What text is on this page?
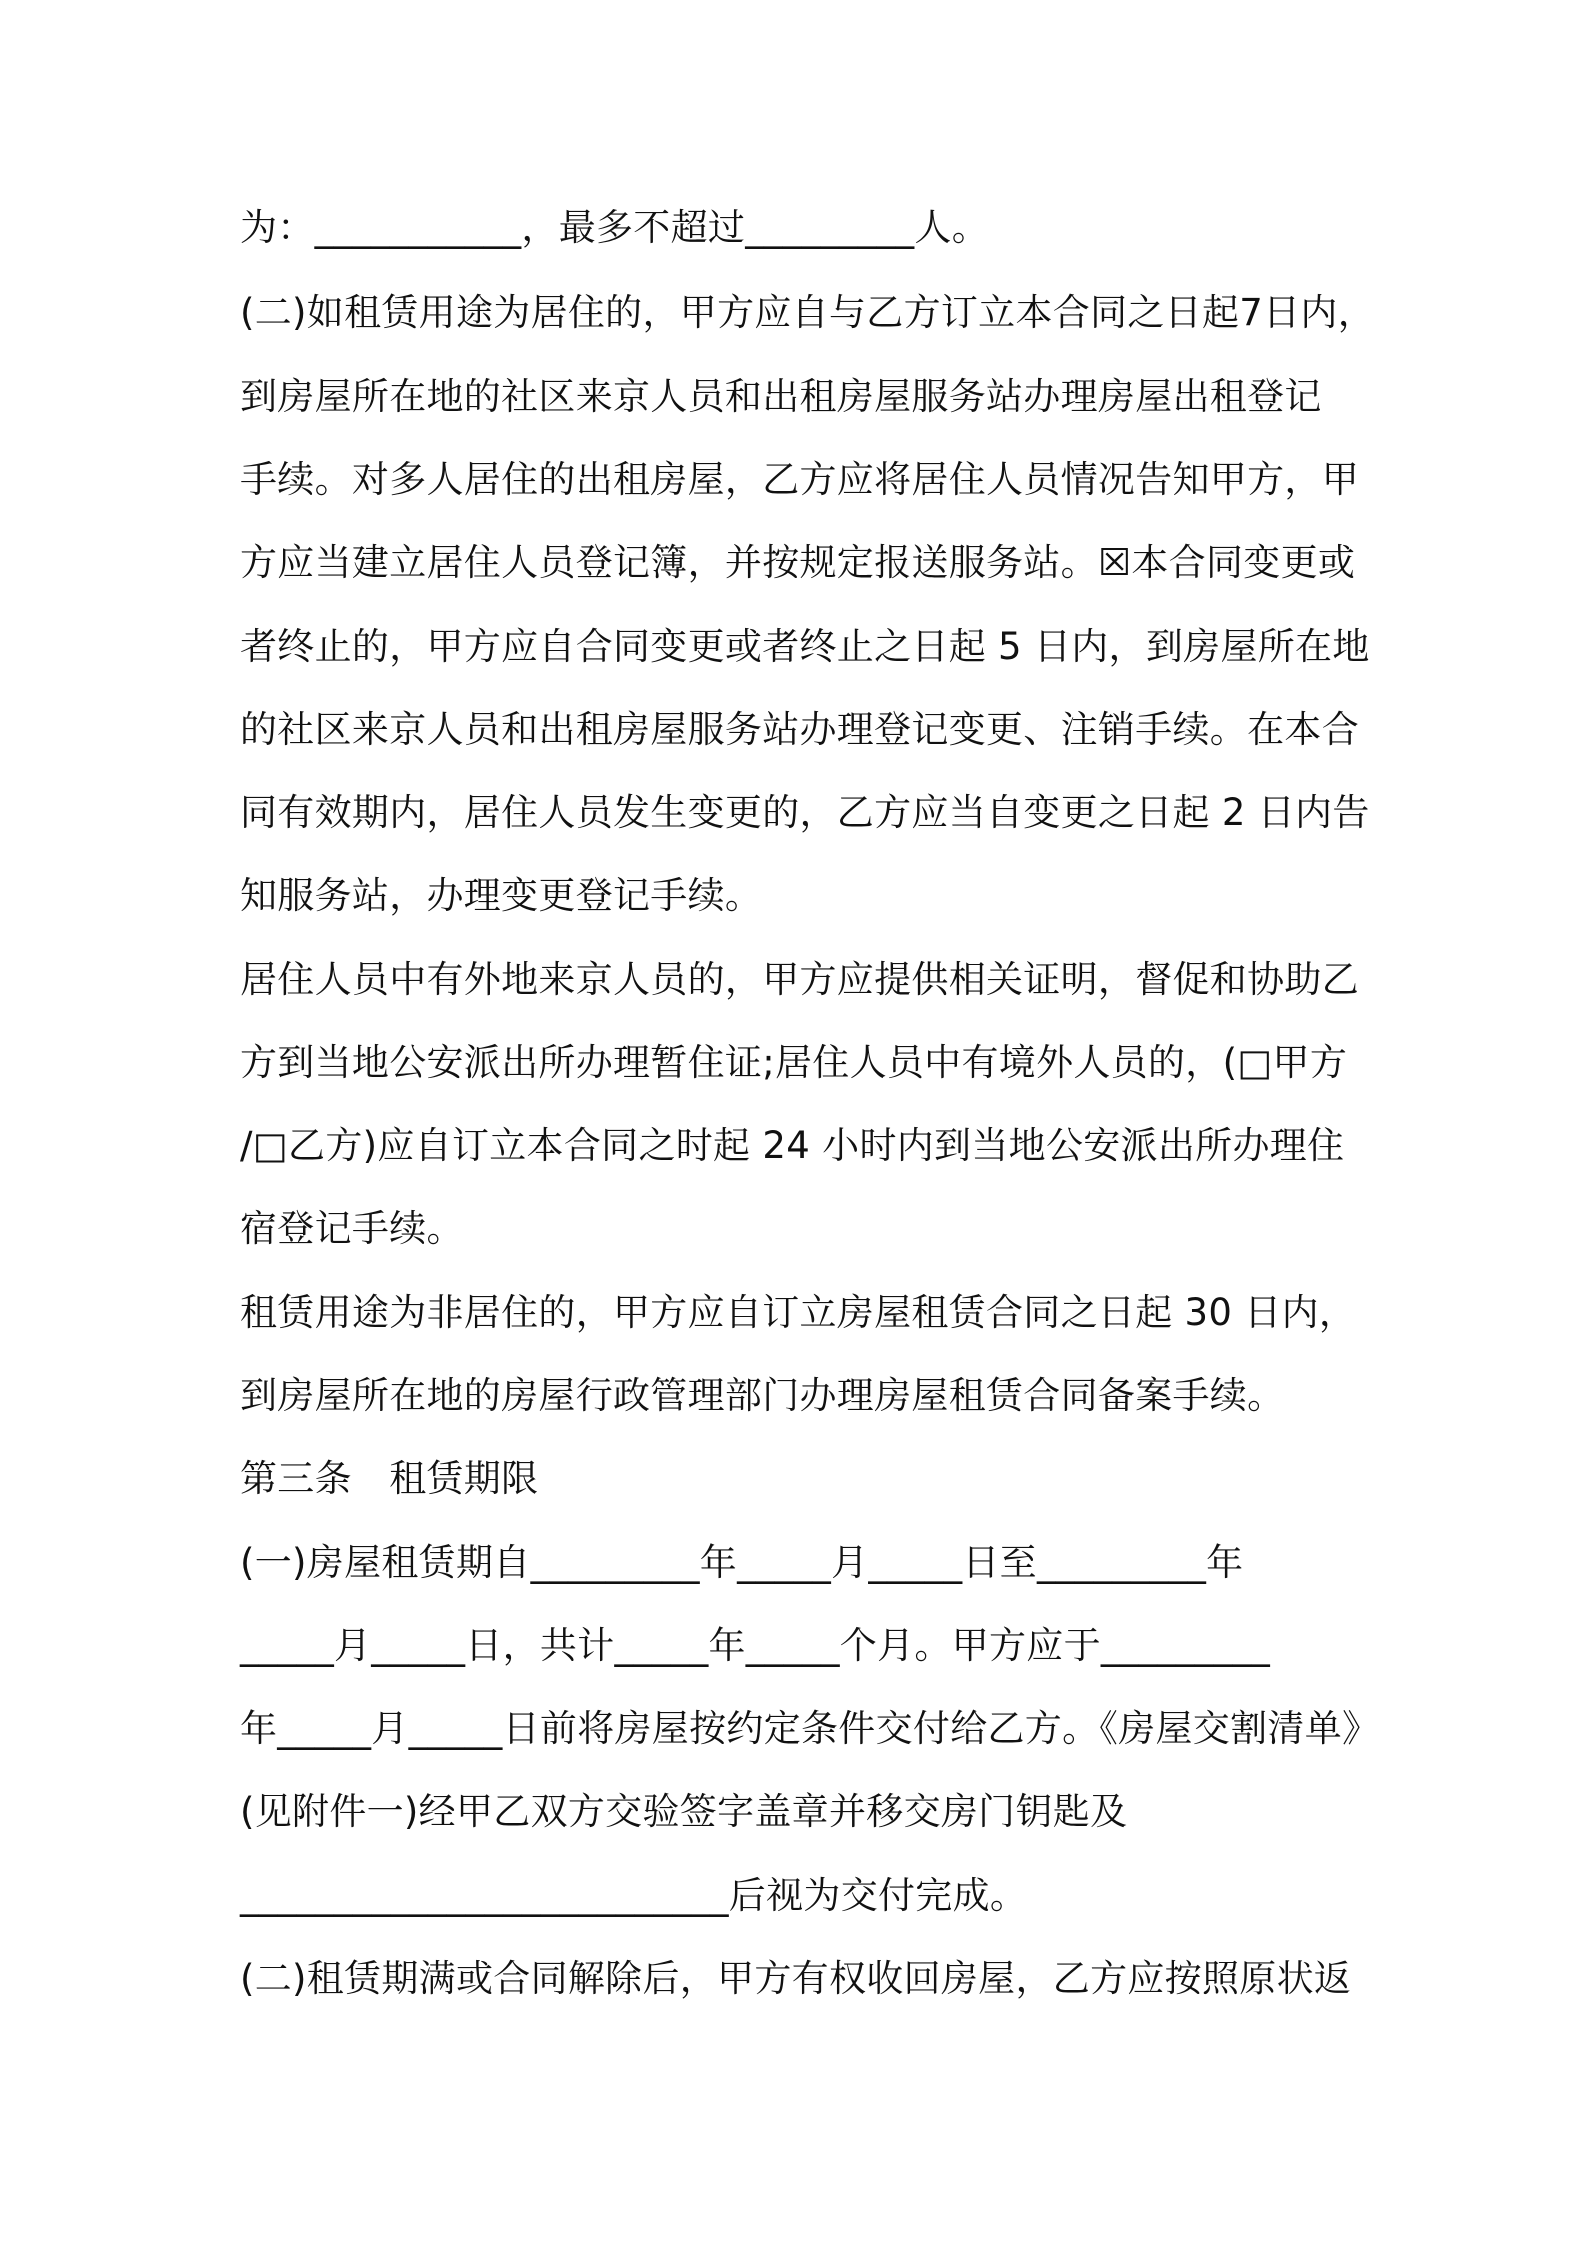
为：___________，最多不超过_________人。
(二)如租赁用途为居住的，甲方应自与乙方订立本合同之日起7日内，
到房屋所在地的社区来京人员和出租房屋服务站办理房屋出租登记
手续。对多人居住的出租房屋，乙方应将居住人员情况告知甲方，甲
方应当建立居住人员登记簿，并按规定报送服务站。☒本合同变更或
者终止的，甲方应自合同变更或者终止之日起 5 日内，到房屋所在地
的社区来京人员和出租房屋服务站办理登记变更、注销手续。在本合
同有效期内，居住人员发生变更的，乙方应当自变更之日起 2 日内告
知服务站，办理变更登记手续。
居住人员中有外地来京人员的，甲方应提供相关证明，督促和协助乙
方到当地公安派出所办理暂住证;居住人员中有境外人员的，(□甲方
/□乙方)应自订立本合同之时起 24 小时内到当地公安派出所办理住
宿登记手续。
租赁用途为非居住的，甲方应自订立房屋租赁合同之日起 30 日内，
到房屋所在地的房屋行政管理部门办理房屋租赁合同备案手续。
第三条　租赁期限
(一)房屋租赁期自_________年_____月_____日至_________年
_____月_____日，共计_____年_____个月。甲方应于_________
年_____月_____日前将房屋按约定条件交付给乙方。《房屋交割清单》
(见附件一)经甲乙双方交验签字盖章并移交房门钥匙及
__________________________后视为交付完成。
(二)租赁期满或合同解除后，甲方有权收回房屋，乙方应按照原状返
